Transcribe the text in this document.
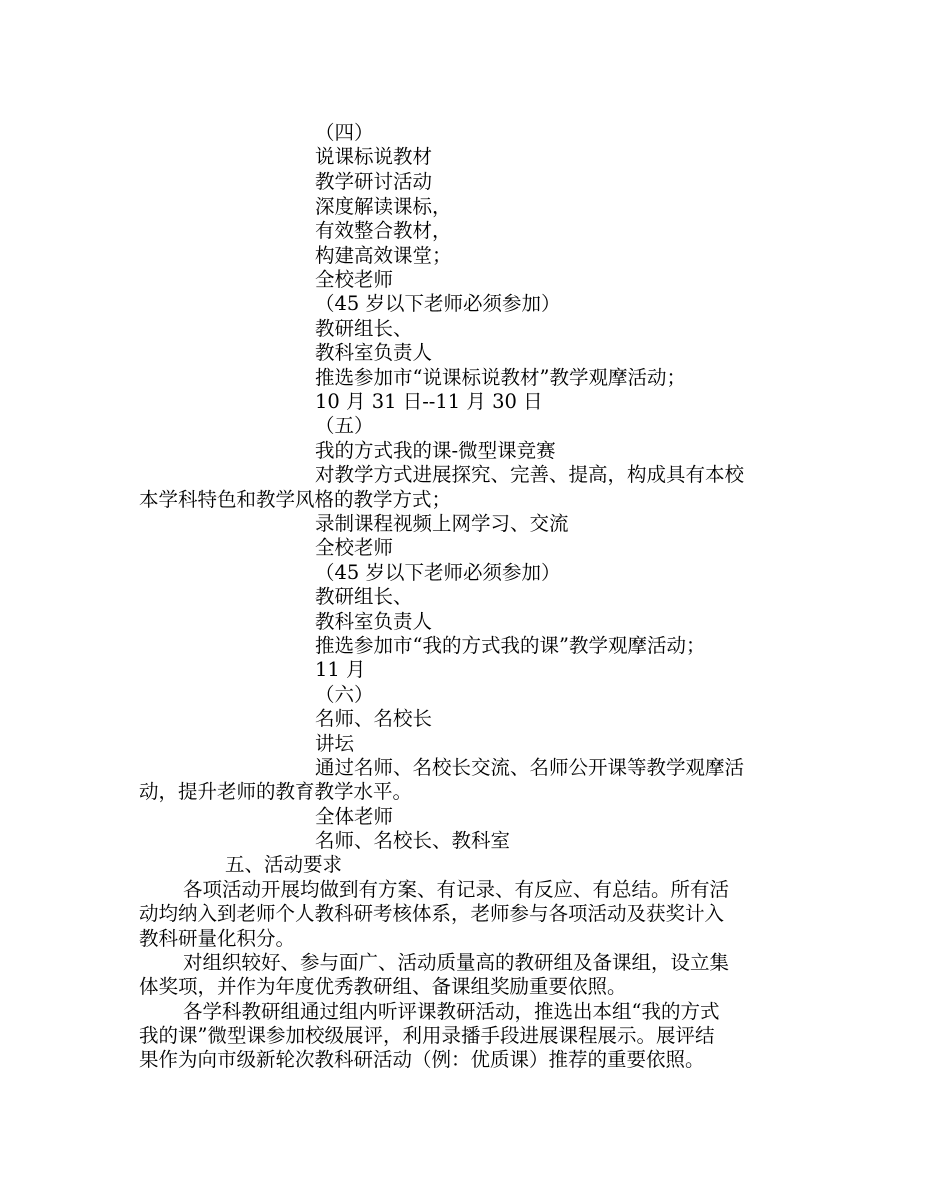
（四）

说课标说教材

教学研讨活动

深度解读课标，

有效整合教材，

构建高效课堂；

全校老师

（45 岁以下老师必须参加）

教研组长、

教科室负责人

推选参加市“说课标说教材”教学观摩活动；

10 月 31 日--11 月 30 日

（五）

我的方式我的课-微型课竞赛

对教学方式进展探究、完善、提高，构成具有本校

本学科特色和教学风格的教学方式；

录制课程视频上网学习、交流

全校老师

（45 岁以下老师必须参加）

教研组长、

教科室负责人

推选参加市“我的方式我的课”教学观摩活动；

11 月

（六）

名师、名校长

讲坛

通过名师、名校长交流、名师公开课等教学观摩活

动，提升老师的教育教学水平。

全体老师

名师、名校长、教科室

五、活动要求

各项活动开展均做到有方案、有记录、有反应、有总结。所有活

动均纳入到老师个人教科研考核体系，老师参与各项活动及获奖计入

教科研量化积分。

对组织较好、参与面广、活动质量高的教研组及备课组，设立集

体奖项，并作为年度优秀教研组、备课组奖励重要依照。

各学科教研组通过组内听评课教研活动，推选出本组“我的方式

我的课”微型课参加校级展评，利用录播手段进展课程展示。展评结

果作为向市级新轮次教科研活动（例：优质课）推荐的重要依照。
